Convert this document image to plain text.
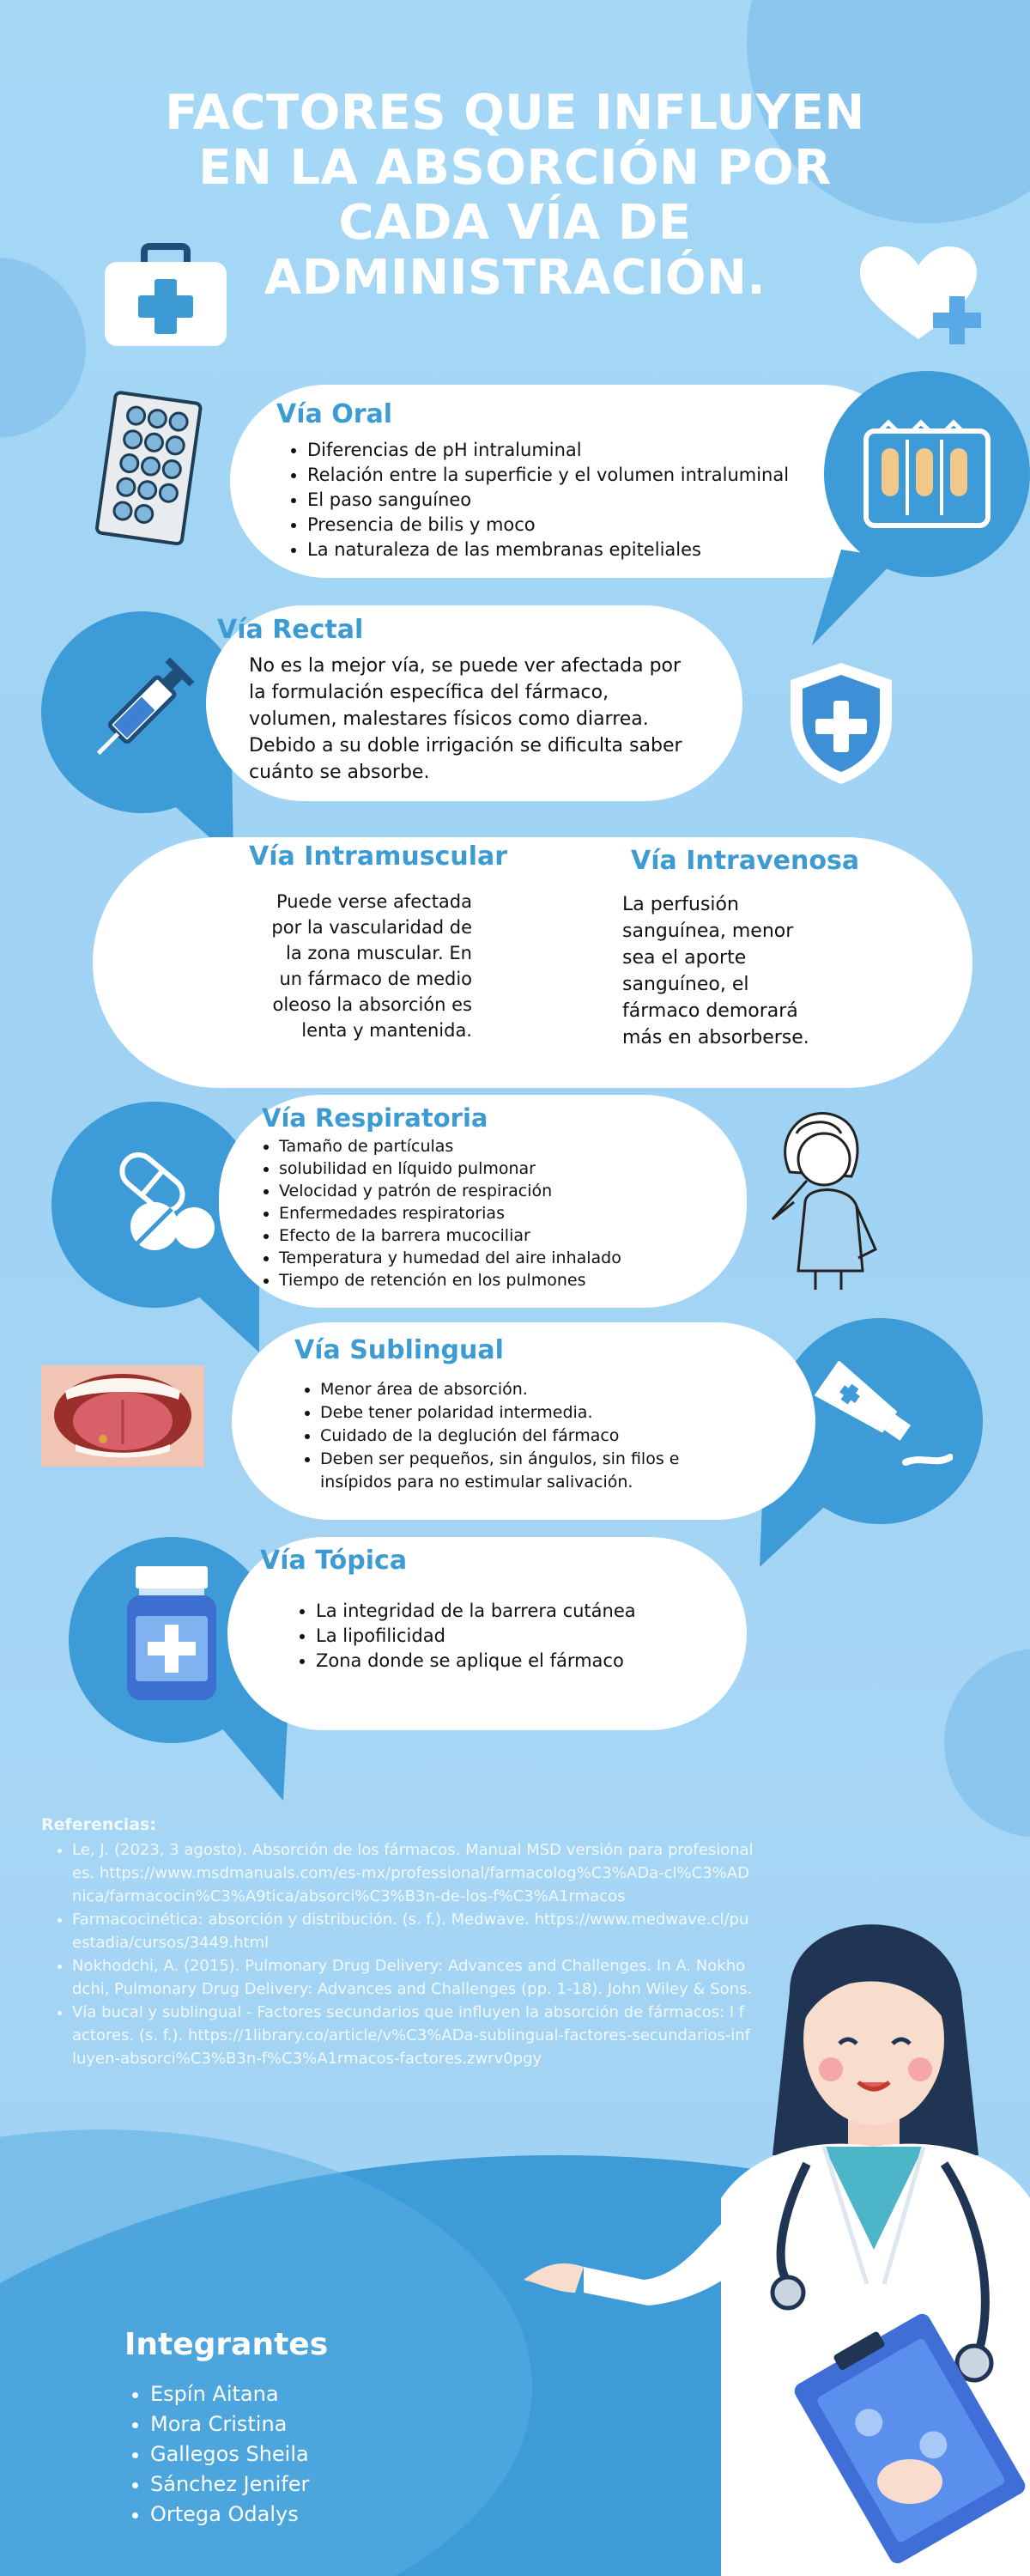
FACTORES QUE INFLUYEN EN LA ABSORCIÓN POR CADA VÍA DE ADMINISTRACIÓN.
Vía Oral
• Diferencias de pH intraluminal
• Relación entre la superficie y el volumen intraluminal
• El paso sanguíneo
• Presencia de bilis y moco
• La naturaleza de las membranas epiteliales
Vía Rectal
No es la mejor vía, se puede ver afectada por la formulación específica del fármaco, volumen, malestares físicos como diarrea. Debido a su doble irrigación se dificulta saber cuánto se absorbe.
Vía Intramuscular
Puede verse afectada por la vascularidad de la zona muscular. En un fármaco de medio oleoso la absorción es lenta y mantenida.
Vía Intravenosa
La perfusión sanguínea, menor sea el aporte sanguíneo, el fármaco demorará más en absorberse.
Vía Respiratoria
• Tamaño de partículas
• solubilidad en líquido pulmonar
• Velocidad y patrón de respiración
• Enfermedades respiratorias
• Efecto de la barrera mucociliar
• Temperatura y humedad del aire inhalado
• Tiempo de retención en los pulmones
Vía Sublingual
• Menor área de absorción.
• Debe tener polaridad intermedia.
• Cuidado de la deglución del fármaco
• Deben ser pequeños, sin ángulos, sin filos e insípidos para no estimular salivación.
Vía Tópica
• La integridad de la barrera cutánea
• La lipofilicidad
• Zona donde se aplique el fármaco
Referencias:
• Le, J. (2023, 3 agosto). Absorción de los fármacos. Manual MSD versión para profesionales. https://www.msdmanuals.com/es-mx/professional/farmacolog%C3%ADa-cl%C3%ADnica/farmacocin%C3%A9tica/absorci%C3%B3n-de-los-f%C3%A1rmacos
• Farmacocinética: absorción y distribución. (s. f.). Medwave. https://www.medwave.cl/puestadia/cursos/3449.html
• Nokhodchi, A. (2015). Pulmonary Drug Delivery: Advances and Challenges. In A. Nokhodchi, Pulmonary Drug Delivery: Advances and Challenges (pp. 1-18). John Wiley & Sons.
• Vía bucal y sublingual - Factores secundarios que influyen la absorción de fármacos: l factores. (s. f.). https://1library.co/article/v%C3%ADa-sublingual-factores-secundarios-influyen-absorci%C3%B3n-f%C3%A1rmacos-factores.zwrv0pgy
Integrantes
• Espín Aitana
• Mora Cristina
• Gallegos Sheila
• Sánchez Jenifer
• Ortega Odalys
